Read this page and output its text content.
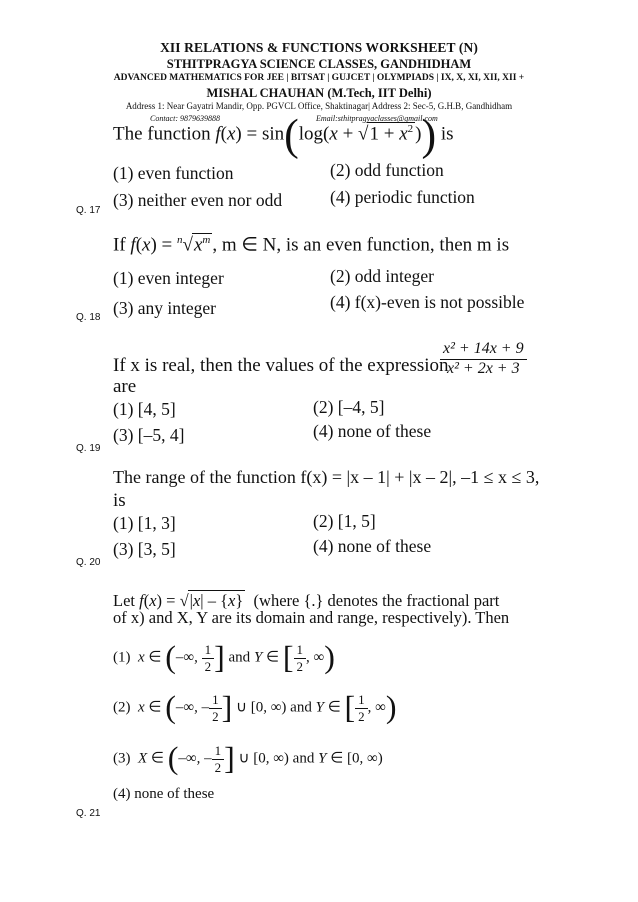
XII RELATIONS & FUNCTIONS WORKSHEET (N)
STHITPRAGYA SCIENCE CLASSES, GANDHIDHAM
ADVANCED MATHEMATICS FOR JEE | BITSAT | GUJCET | OLYMPIADS | IX, X, XI, XII, XII +
MISHAL CHAUHAN (M.Tech, IIT Delhi)
Address 1: Near Gayatri Mandir, Opp. PGVCL Office, Shaktinagar| Address 2: Sec-5, G.H.B, Gandhidham
Contact: 9879639888	Email:sthitpragyaclasses@gmail.com
The function $f(x) = \sin(\log(x + √1 + x^2$ )) is
(1) even function	(2) odd function
(3) neither even nor odd	(4) periodic function
Q. 17
If $f(x) = ^n√x^m$ , m ∈ N, is an even function, then m is
(1) even integer	(2) odd integer
(3) any integer	(4) f(x)-even is not possible
Q. 18
If x is real, then the values of the expression
$\frac{\text{x² + 14x + 9}}{\text{x² + 2x + 3}}$
are
(1) [4, 5]	(2) [–4, 5]
(3) [–5, 4]	(4) none of these
Q. 19
The range of the function f(x) = |x – 1| + |x – 2|, –1 ≤ x ≤ 3,
is
(1) [1, 3]	(2) [1, 5]
(3) [3, 5]	(4) none of these
Q. 20
Let f(x) = √|x| – {x} (where {.} denotes the fractional part
of x) and X, Y are its domain and range, respectively). Then
(1) x ∈ (–∞, $\frac{1}{2}$ ] and Y ∈ [ $\frac{1}{2}$ , ∞)
(2) x ∈ (–∞, – $\frac{1}{2}$ ] ∪ [0, ∞) and Y ∈ [ $\frac{1}{2}$ , ∞)
(3) X ∈ (–∞, – $\frac{1}{2}$ ] ∪ [0, ∞) and Y ∈ [0, ∞)
(4) none of these
Q. 21
